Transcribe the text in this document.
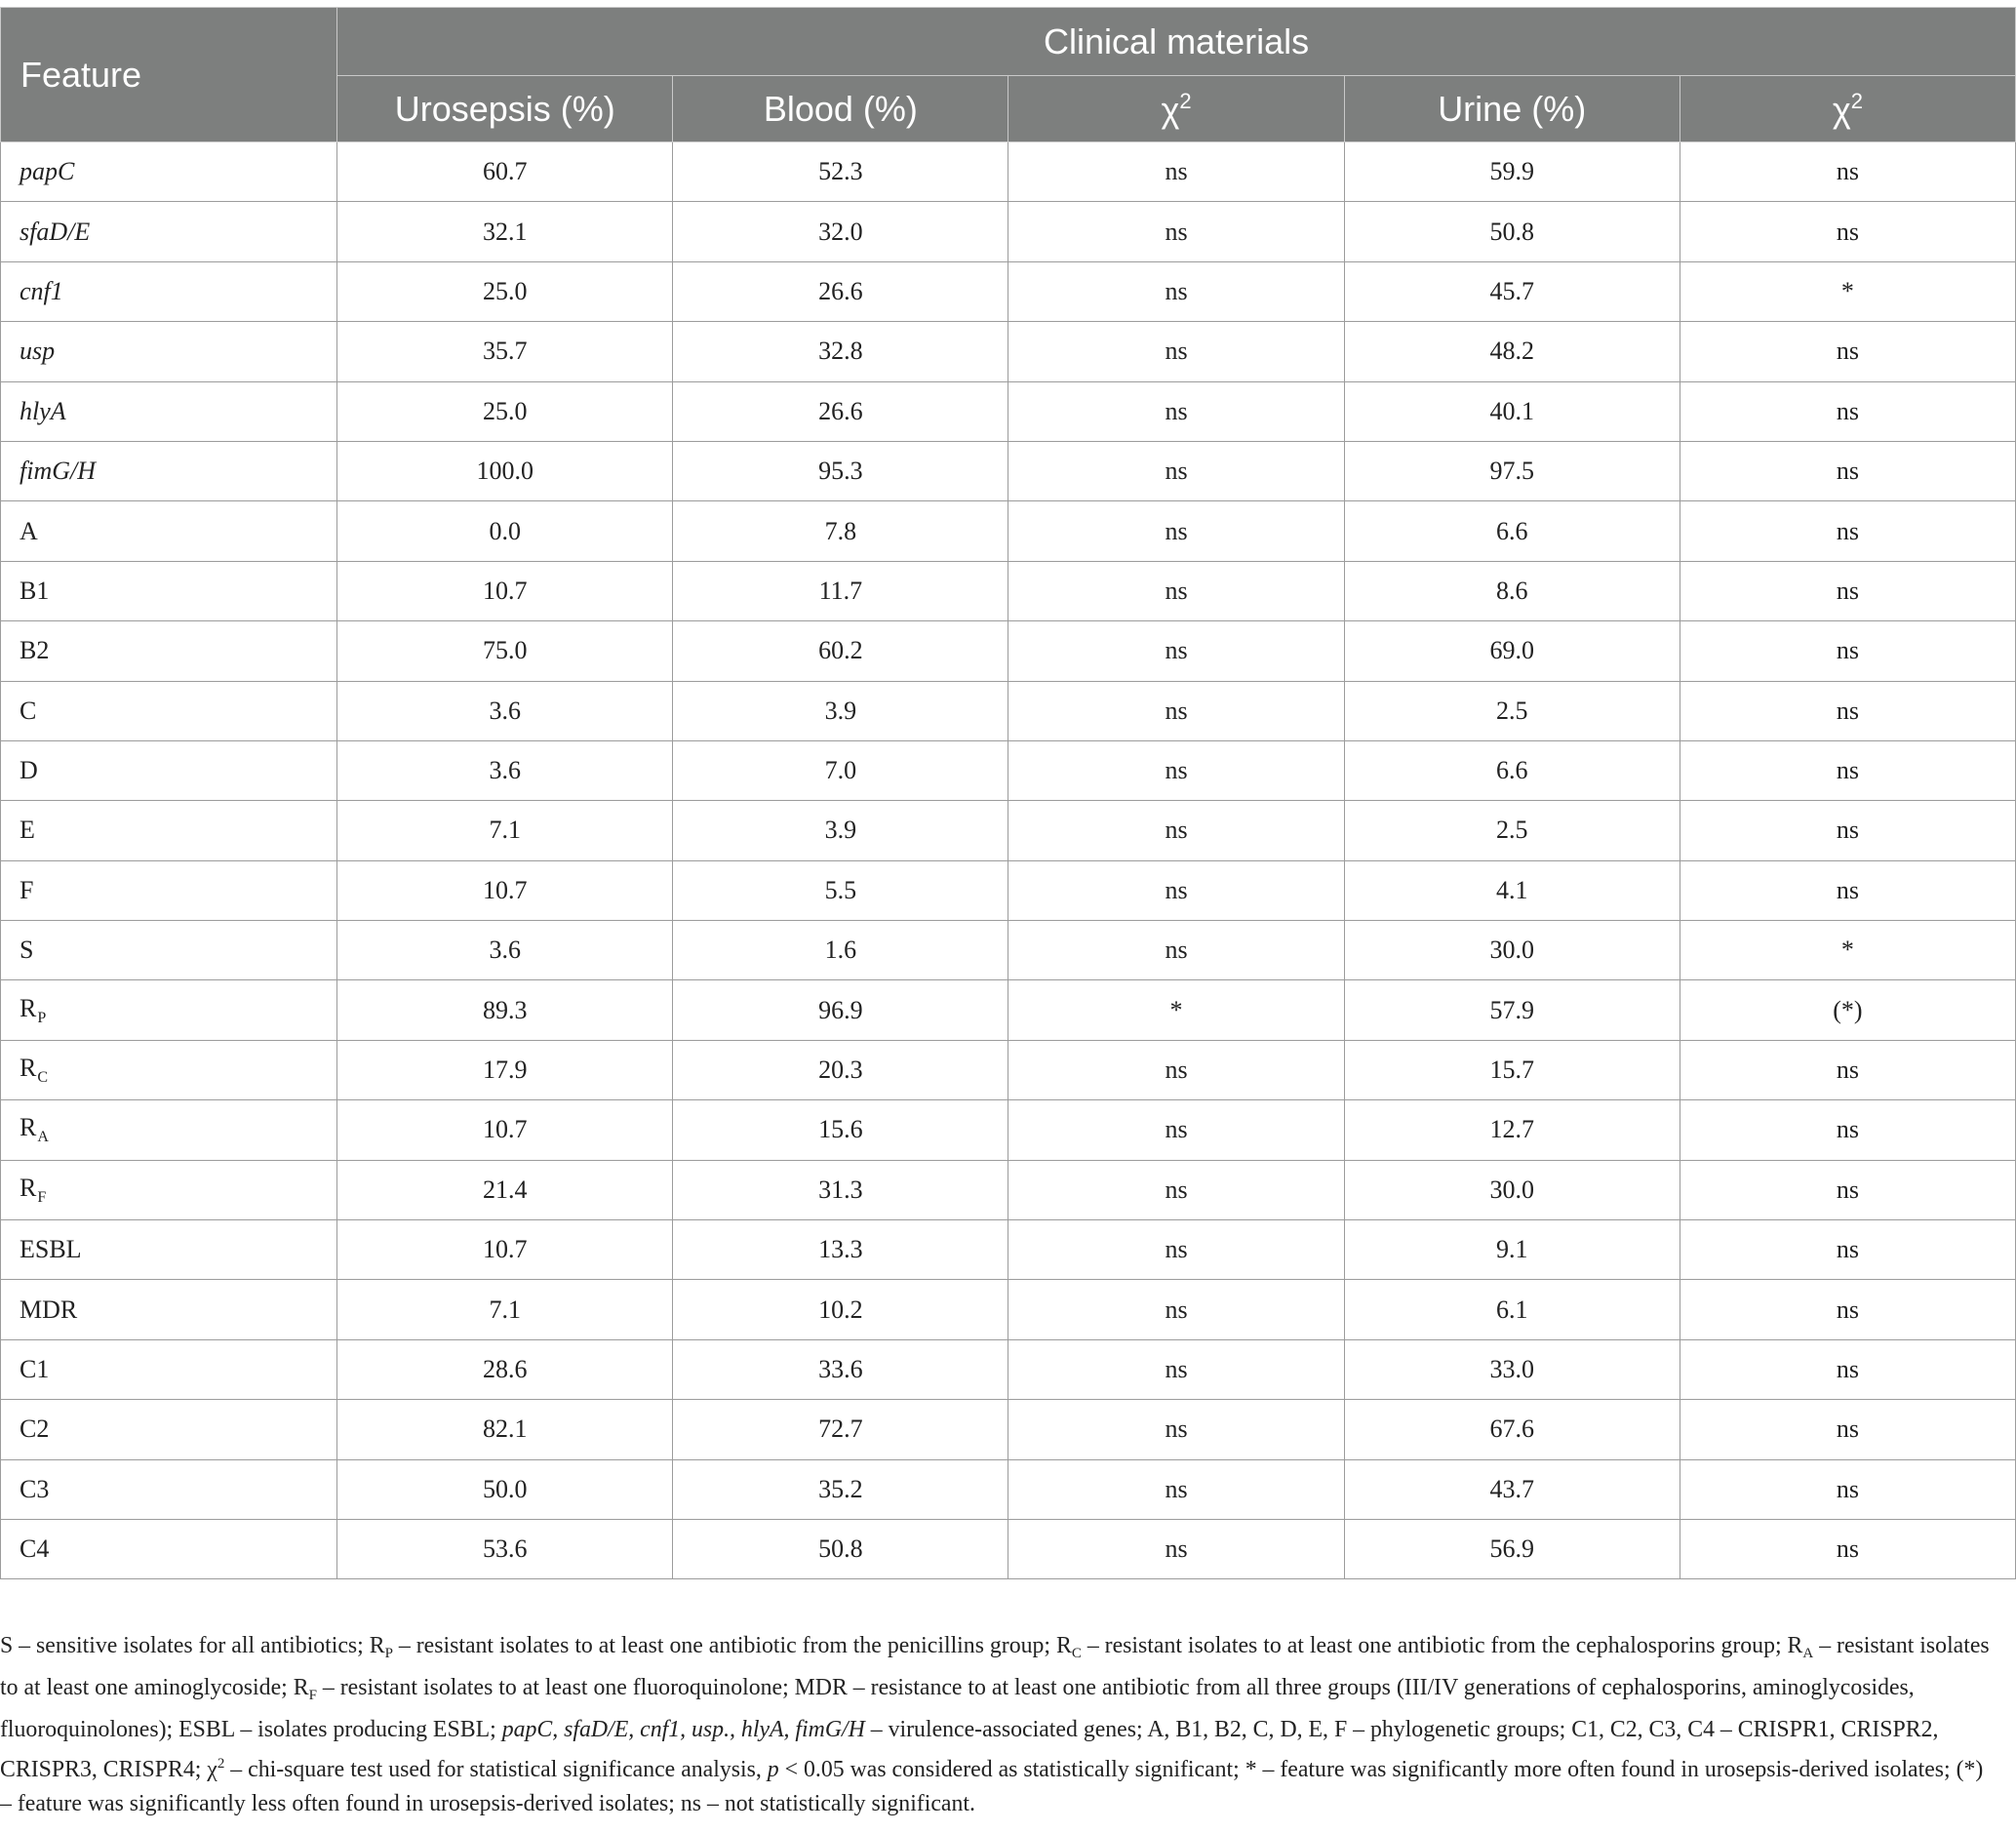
Feature	Clinical materials				
	Urosepsis (%)	Blood (%)	$\chi^2$	Urine (%)	$\chi^2$
papC	60.7	52.3	ns	59.9	ns
sfaD/E	32.1	32.0	ns	50.8	ns
cnf1	25.0	26.6	ns	45.7	*
usp	35.7	32.8	ns	48.2	ns
hlyA	25.0	26.6	ns	40.1	ns
fimG/H	100.0	95.3	ns	97.5	ns
A	0.0	7.8	ns	6.6	ns
B1	10.7	11.7	ns	8.6	ns
B2	75.0	60.2	ns	69.0	ns
C	3.6	3.9	ns	2.5	ns
D	3.6	7.0	ns	6.6	ns
E	7.1	3.9	ns	2.5	ns
F	10.7	5.5	ns	4.1	ns
S	3.6	1.6	ns	30.0	*
$R_P$	89.3	96.9	*	57.9	(*)
$R_C$	17.9	20.3	ns	15.7	ns
$R_A$	10.7	15.6	ns	12.7	ns
$R_F$	21.4	31.3	ns	30.0	ns
ESBL	10.7	13.3	ns	9.1	ns
MDR	7.1	10.2	ns	6.1	ns
C1	28.6	33.6	ns	33.0	ns
C2	82.1	72.7	ns	67.6	ns
C3	50.0	35.2	ns	43.7	ns
C4	53.6	50.8	ns	56.9	ns
S – sensitive isolates for all antibiotics; $R_P$ – resistant isolates to at least one antibiotic from the penicillins group; $R_C$ – resistant isolates to at least one antibiotic from the cephalosporins group; $R_A$ – resistant isolates to at least one aminoglycoside; $R_F$ – resistant isolates to at least one fluoroquinolone; MDR – resistance to at least one antibiotic from all three groups (III/IV generations of cephalosporins, aminoglycosides, fluoroquinolones); ESBL – isolates producing ESBL; papC, sfaD/E, cnf1, usp., hlyA, fimG/H – virulence-associated genes; A, B1, B2, C, D, E, F – phylogenetic groups; C1, C2, C3, C4 – CRISPR1, CRISPR2, CRISPR3, CRISPR4; $\chi^2$ – chi-square test used for statistical significance analysis, p < 0.05 was considered as statistically significant; * – feature was significantly more often found in urosepsis-derived isolates; (*) – feature was significantly less often found in urosepsis-derived isolates; ns – not statistically significant.
